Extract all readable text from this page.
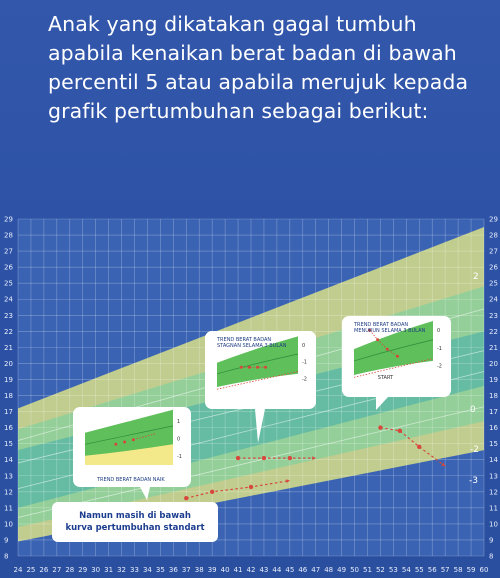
Anak yang dikatakan gagal tumbuh apabila kenaikan berat badan di bawah percentil 5 atau apabila merujuk kepada grafik pertumbuhan sebagai berikut:
29	29
28	28
27	27
26	26
25	25
24	24
23	23
22	22
21	21
20	20
19	19
18	18
17	17
16	16
15	15
14	14
13	13
12	12
11	11
10	10
9	9
8	8
24 25 26 27 28 29 30 31 32 33 34 35 36 37 38 39 40 41 42 43 44 45 46 47 48 49 50 51 52 53 54 55 56 57 58 59 60
2
0
-2
-3
1
0
-1
TREND BERAT BADAN NAIK
0
-1
-2
TREND BERAT BADAN STAGNAN SELAMA 3 BULAN
0
-1
-2
TREND BERAT BADAN MENURUN SELAMA 3 BULAN
START
Namun masih di bawah
kurva pertumbuhan standart
